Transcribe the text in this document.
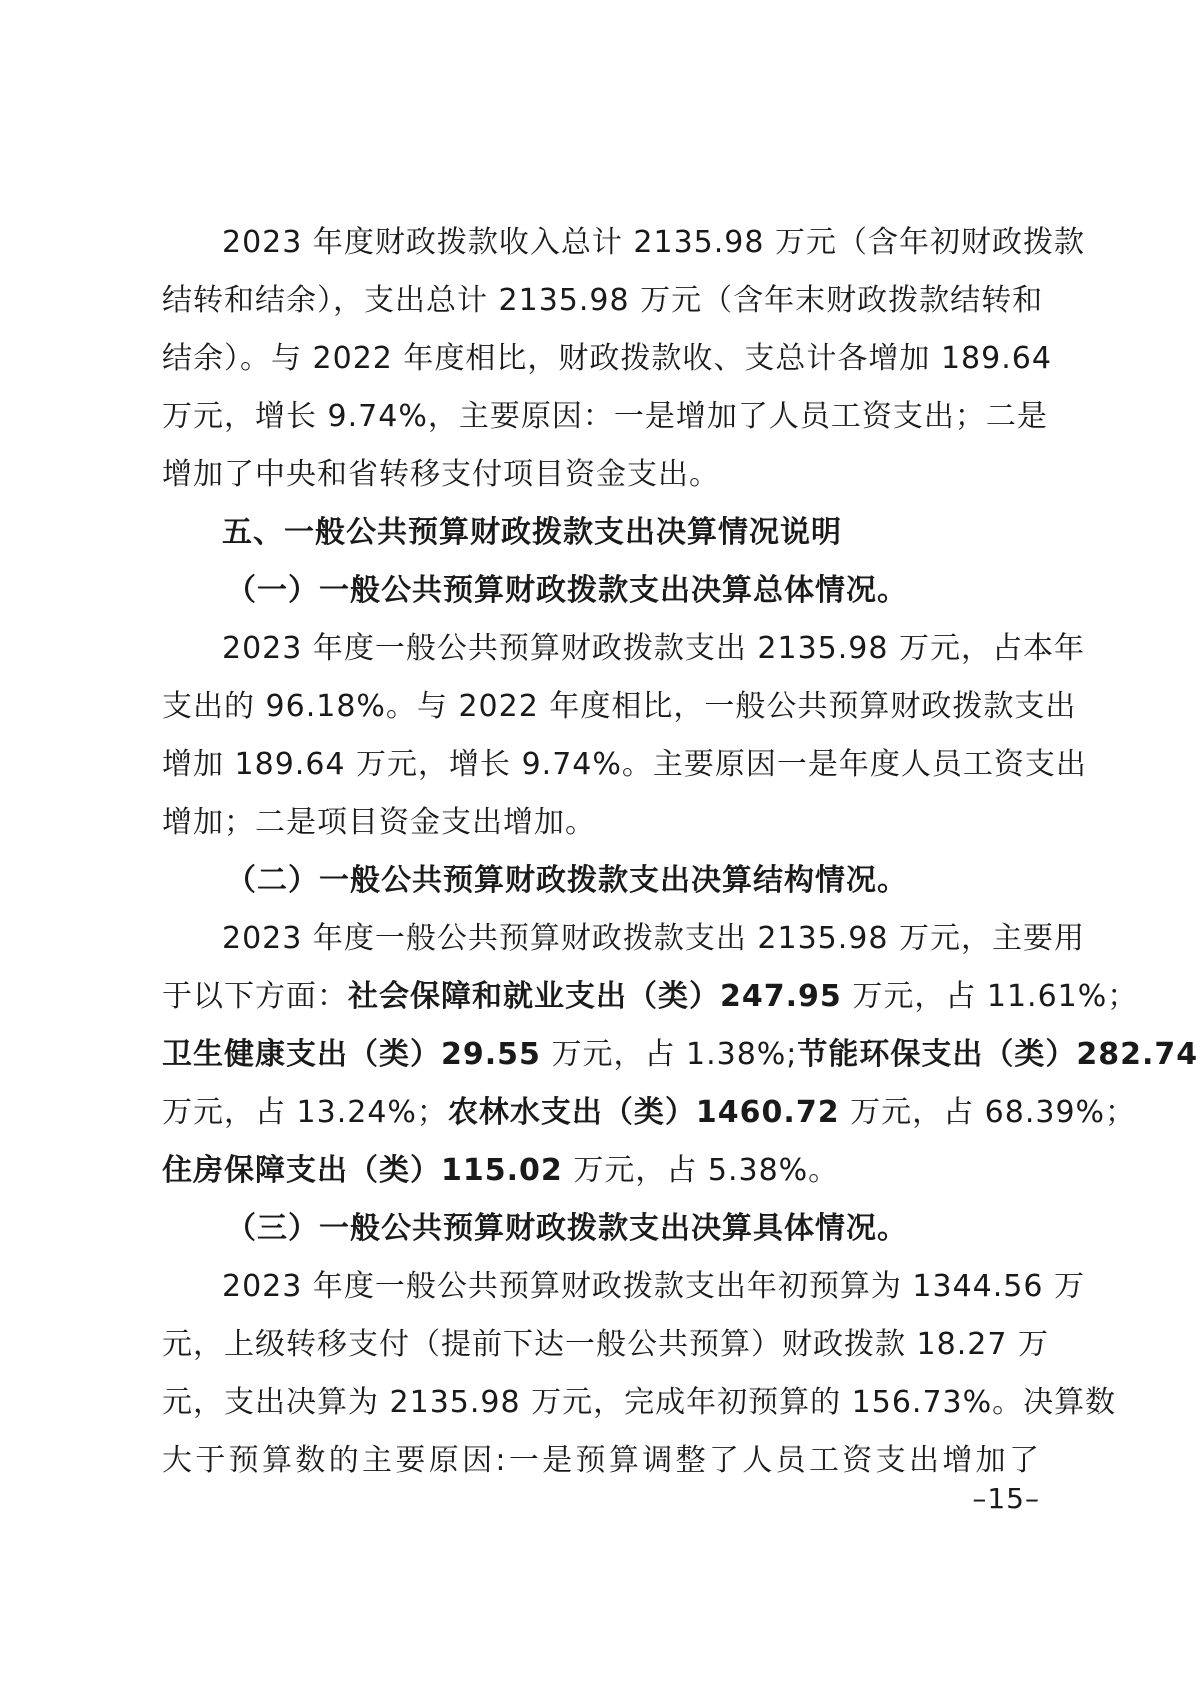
2023 年度财政拨款收入总计 2135.98 万元（含年初财政拨款
结转和结余），支出总计 2135.98 万元（含年末财政拨款结转和
结余）。与 2022 年度相比，财政拨款收、支总计各增加 189.64
万元，增长 9.74%，主要原因：一是增加了人员工资支出；二是
增加了中央和省转移支付项目资金支出。
五、一般公共预算财政拨款支出决算情况说明
（一）一般公共预算财政拨款支出决算总体情况。
2023 年度一般公共预算财政拨款支出 2135.98 万元，占本年
支出的 96.18%。与 2022 年度相比，一般公共预算财政拨款支出
增加 189.64 万元，增长 9.74%。主要原因一是年度人员工资支出
增加；二是项目资金支出增加。
（二）一般公共预算财政拨款支出决算结构情况。
2023 年度一般公共预算财政拨款支出 2135.98 万元，主要用
于以下方面：社会保障和就业支出（类）247.95 万元，占 11.61%；
卫生健康支出（类）29.55 万元，占 1.38%;节能环保支出（类）282.74
万元，占 13.24%；农林水支出（类）1460.72 万元，占 68.39%；
住房保障支出（类）115.02 万元，占 5.38%。
（三）一般公共预算财政拨款支出决算具体情况。
2023 年度一般公共预算财政拨款支出年初预算为 1344.56 万
元，上级转移支付（提前下达一般公共预算）财政拨款 18.27 万
元，支出决算为 2135.98 万元，完成年初预算的 156.73%。决算数
大于预算数的主要原因:一是预算调整了人员工资支出增加了
–15–
